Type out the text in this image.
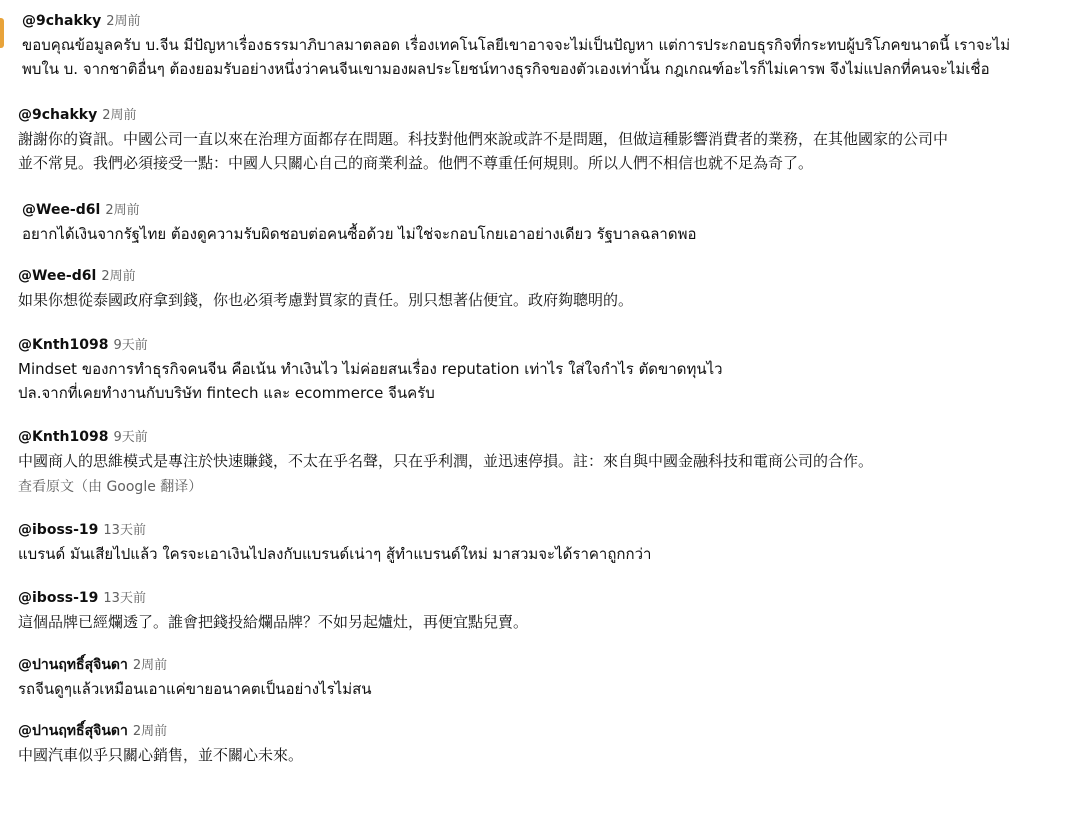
@9chakky 2周前
ขอบคุณข้อมูลครับ บ.จีน มีปัญหาเรื่องธรรมาภิบาลมาตลอด เรื่องเทคโนโลยีเขาอาจจะไม่เป็นปัญหา แต่การประกอบธุรกิจที่กระทบผู้บริโภคขนาดนี้ เราจะไม่
พบใน บ. จากชาติอื่นๆ ต้องยอมรับอย่างหนึ่งว่าคนจีนเขามองผลประโยชน์ทางธุรกิจของตัวเองเท่านั้น กฎเกณฑ์อะไรก็ไม่เคารพ จึงไม่แปลกที่คนจะไม่เชื่อ
@9chakky 2周前
謝謝你的資訊。中國公司一直以來在治理方面都存在問題。科技對他們來說或許不是問題，但做這種影響消費者的業務，在其他國家的公司中
並不常見。我們必須接受一點：中國人只關心自己的商業利益。他們不尊重任何規則。所以人們不相信也就不足為奇了。
@Wee-d6l 2周前
อยากได้เงินจากรัฐไทย ต้องดูความรับผิดชอบต่อคนซื้อด้วย ไม่ใช่จะกอบโกยเอาอย่างเดียว รัฐบาลฉลาดพอ
@Wee-d6l 2周前
如果你想從泰國政府拿到錢，你也必須考慮對買家的責任。別只想著佔便宜。政府夠聰明的。
@Knth1098 9天前
Mindset ของการทำธุรกิจคนจีน คือเน้น ทำเงินไว ไม่ค่อยสนเรื่อง reputation เท่าไร ใส่ใจกำไร ตัดขาดทุนไว
ปล.จากที่เคยทำงานกับบริษัท fintech และ ecommerce จีนครับ
@Knth1098 9天前
中國商人的思維模式是專注於快速賺錢，不太在乎名聲，只在乎利潤，並迅速停損。註：來自與中國金融科技和電商公司的合作。
查看原文（由 Google 翻译）
@iboss-19 13天前
แบรนด์ มันเสียไปแล้ว ใครจะเอาเงินไปลงกับแบรนด์เน่าๆ สู้ทำแบรนด์ใหม่ มาสวมจะได้ราคาถูกกว่า
@iboss-19 13天前
這個品牌已經爛透了。誰會把錢投給爛品牌？不如另起爐灶，再便宜點兒賣。
@ปานฤทธิ์สุจินดา 2周前
รถจีนดูๆแล้วเหมือนเอาแค่ขายอนาคตเป็นอย่างไรไม่สน
@ปานฤทธิ์สุจินดา 2周前
中國汽車似乎只關心銷售，並不關心未來。
